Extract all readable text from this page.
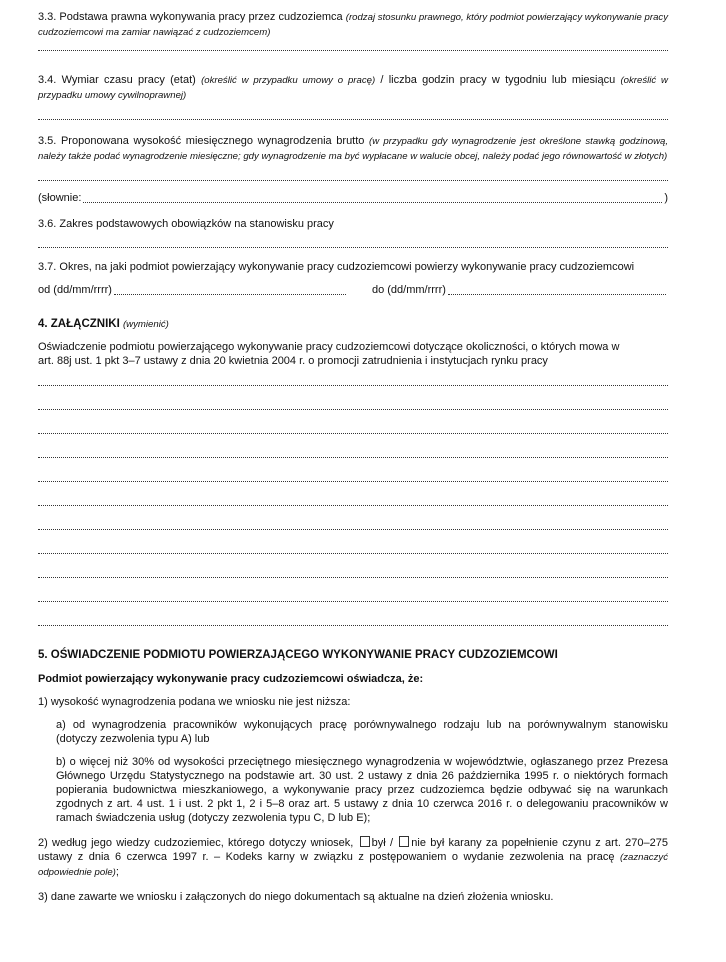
3.3. Podstawa prawna wykonywania pracy przez cudzoziemca (rodzaj stosunku prawnego, który podmiot powierzający wykonywanie pracy cudzoziemcowi ma zamiar nawiązać z cudzoziemcem)

3.4. Wymiar czasu pracy (etat) (określić w przypadku umowy o pracę) / liczba godzin pracy w tygodniu lub miesiącu (określić w przypadku umowy cywilnoprawnej)

3.5. Proponowana wysokość miesięcznego wynagrodzenia brutto (w przypadku gdy wynagrodzenie jest określone stawką godzinową, należy także podać wynagrodzenie miesięczne; gdy wynagrodzenie ma być wypłacane w walucie obcej, należy podać jego równowartość w złotych)

(słownie:	)

3.6. Zakres podstawowych obowiązków na stanowisku pracy

3.7. Okres, na jaki podmiot powierzający wykonywanie pracy cudzoziemcowi powierzy wykonywanie pracy cudzoziemcowi

od (dd/mm/rrrr)	do (dd/mm/rrrr)

4. ZAŁĄCZNIKI (wymienić)

Oświadczenie podmiotu powierzającego wykonywanie pracy cudzoziemcowi dotyczące okoliczności, o których mowa w art. 88j ust. 1 pkt 3–7 ustawy z dnia 20 kwietnia 2004 r. o promocji zatrudnienia i instytucjach rynku pracy

5. OŚWIADCZENIE PODMIOTU POWIERZAJĄCEGO WYKONYWANIE PRACY CUDZOZIEMCOWI

Podmiot powierzający wykonywanie pracy cudzoziemcowi oświadcza, że:

1) wysokość wynagrodzenia podana we wniosku nie jest niższa:

a) od wynagrodzenia pracowników wykonujących pracę porównywalnego rodzaju lub na porównywalnym stanowisku (dotyczy zezwolenia typu A) lub

b) o więcej niż 30% od wysokości przeciętnego miesięcznego wynagrodzenia w województwie, ogłaszanego przez Prezesa Głównego Urzędu Statystycznego na podstawie art. 30 ust. 2 ustawy z dnia 26 października 1995 r. o niektórych formach popierania budownictwa mieszkaniowego, a wykonywanie pracy przez cudzoziemca będzie odbywać się na warunkach zgodnych z art. 4 ust. 1 i ust. 2 pkt 1, 2 i 5–8 oraz art. 5 ustawy z dnia 10 czerwca 2016 r. o delegowaniu pracowników w ramach świadczenia usług (dotyczy zezwolenia typu C, D lub E);

2) według jego wiedzy cudzoziemiec, którego dotyczy wniosek, był / nie był karany za popełnienie czynu z art. 270–275 ustawy z dnia 6 czerwca 1997 r. – Kodeks karny w związku z postępowaniem o wydanie zezwolenia na pracę (zaznaczyć odpowiednie pole);

3) dane zawarte we wniosku i załączonych do niego dokumentach są aktualne na dzień złożenia wniosku.
